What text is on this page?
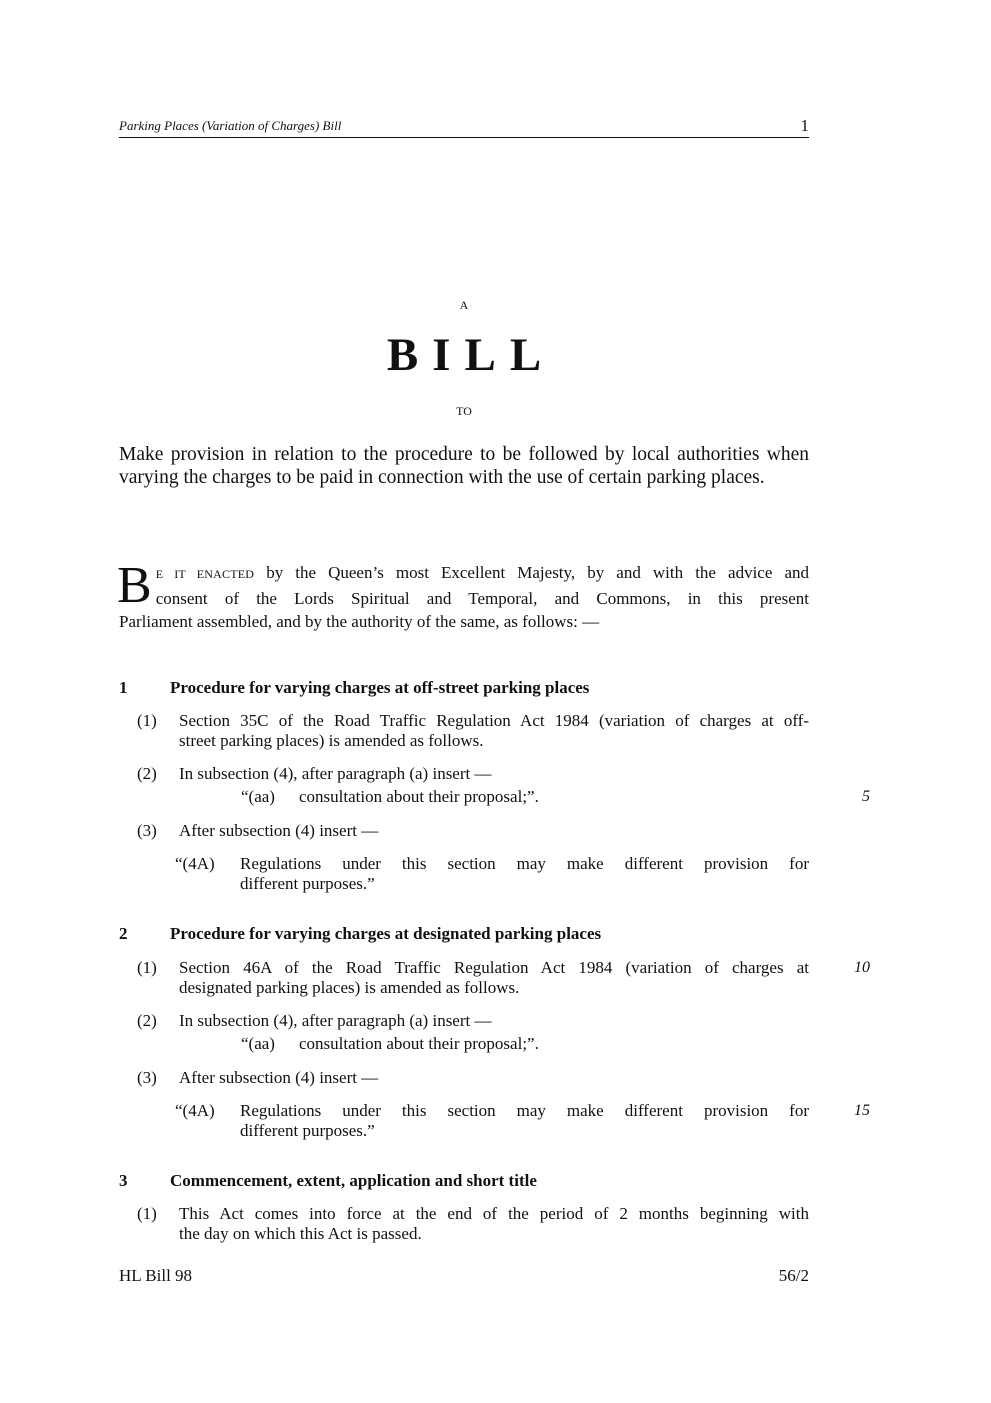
Parking Places (Variation of Charges) Bill	1
A
BILL
TO
Make provision in relation to the procedure to be followed by local authorities when varying the charges to be paid in connection with the use of certain parking places.
B E IT ENACTED by the Queen’s most Excellent Majesty, by and with the advice and
consent of the Lords Spiritual and Temporal, and Commons, in this present
Parliament assembled, and by the authority of the same, as follows: —
1	Procedure for varying charges at off-street parking places
(1) Section 35C of the Road Traffic Regulation Act 1984 (variation of charges at off-
street parking places) is amended as follows.
(2) In subsection (4), after paragraph (a) insert —
“(aa) consultation about their proposal;”.	5
(3) After subsection (4) insert —
“(4A) Regulations under this section may make different provision for
different purposes.”
2	Procedure for varying charges at designated parking places
(1) Section 46A of the Road Traffic Regulation Act 1984 (variation of charges at
designated parking places) is amended as follows.
10
(2) In subsection (4), after paragraph (a) insert —
“(aa) consultation about their proposal;”.
(3) After subsection (4) insert —
“(4A) Regulations under this section may make different provision for
different purposes.”
15
3	Commencement, extent, application and short title
(1) This Act comes into force at the end of the period of 2 months beginning with
the day on which this Act is passed.
HL Bill 98	56/2
